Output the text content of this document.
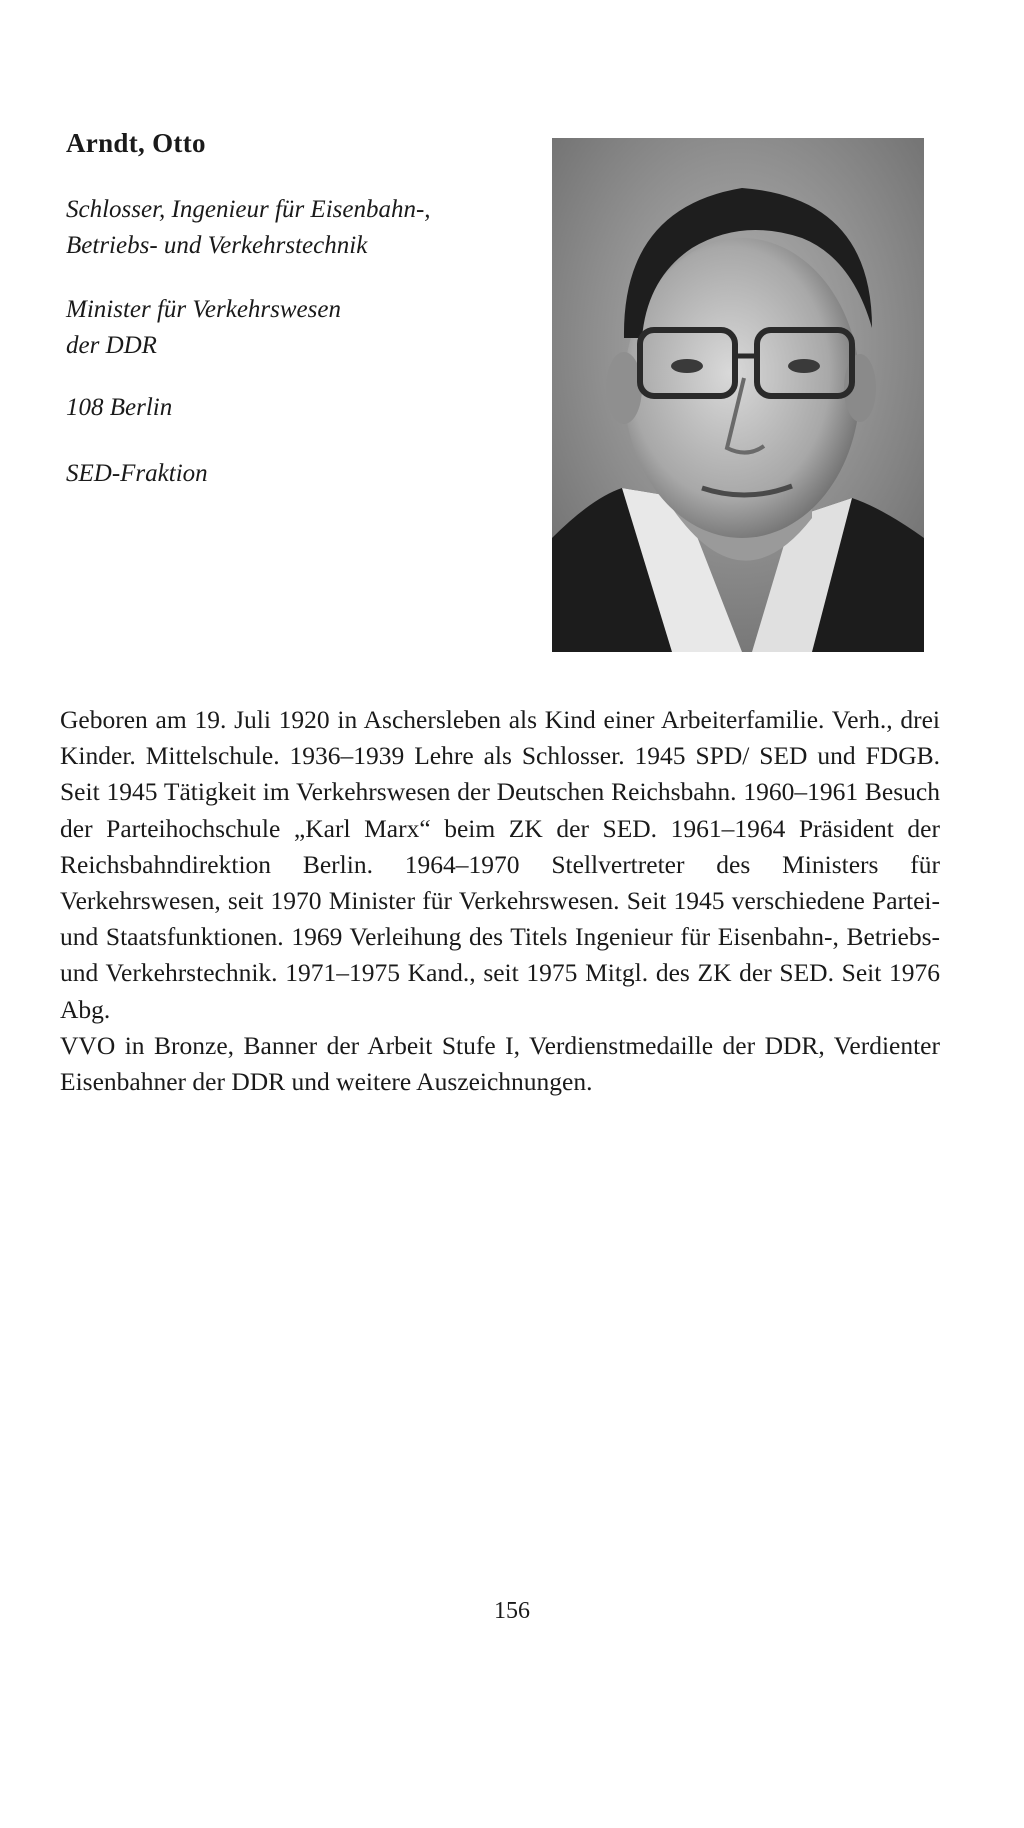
Arndt, Otto
Schlosser, Ingenieur für Eisenbahn-,
Betriebs- und Verkehrstechnik
Minister für Verkehrswesen
der DDR
108 Berlin
SED-Fraktion

Geboren am 19. Juli 1920 in Aschersleben als Kind einer Arbeiterfamilie. Verh., drei Kinder. Mittelschule. 1936–1939 Lehre als Schlosser. 1945 SPD/ SED und FDGB. Seit 1945 Tätigkeit im Verkehrswesen der Deutschen Reichsbahn. 1960–1961 Besuch der Parteihochschule „Karl Marx“ beim ZK der SED. 1961–1964 Präsident der Reichsbahndirektion Berlin. 1964–1970 Stellvertreter des Ministers für Verkehrswesen, seit 1970 Minister für Verkehrswesen. Seit 1945 verschiedene Partei- und Staatsfunktionen. 1969 Verleihung des Titels Ingenieur für Eisenbahn-, Betriebs- und Verkehrstechnik. 1971–1975 Kand., seit 1975 Mitgl. des ZK der SED. Seit 1976 Abg.

VVO in Bronze, Banner der Arbeit Stufe I, Verdienstmedaille der DDR, Verdienter Eisenbahner der DDR und weitere Auszeichnungen.

156
